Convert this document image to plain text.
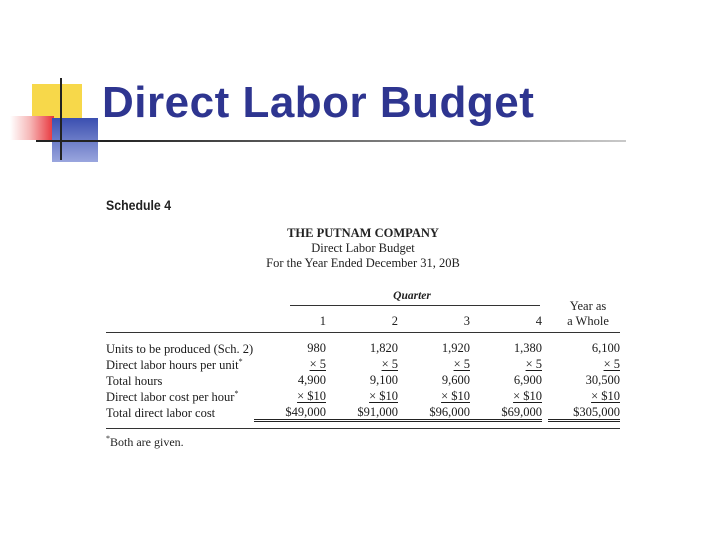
Direct Labor Budget
Schedule 4
THE PUTNAM COMPANY
Direct Labor Budget
For the Year Ended December 31, 20B
Quarter
1	2	3	4
Year as
a Whole
Units to be produced (Sch. 2)	980	1,820	1,920	1,380	6,100
Direct labor hours per unit*	× 5	× 5	× 5	× 5	× 5
Total hours	4,900	9,100	9,600	6,900	30,500
Direct labor cost per hour*	× $10	× $10	× $10	× $10	× $10
Total direct labor cost	$49,000	$91,000	$96,000	$69,000	$305,000
*Both are given.
